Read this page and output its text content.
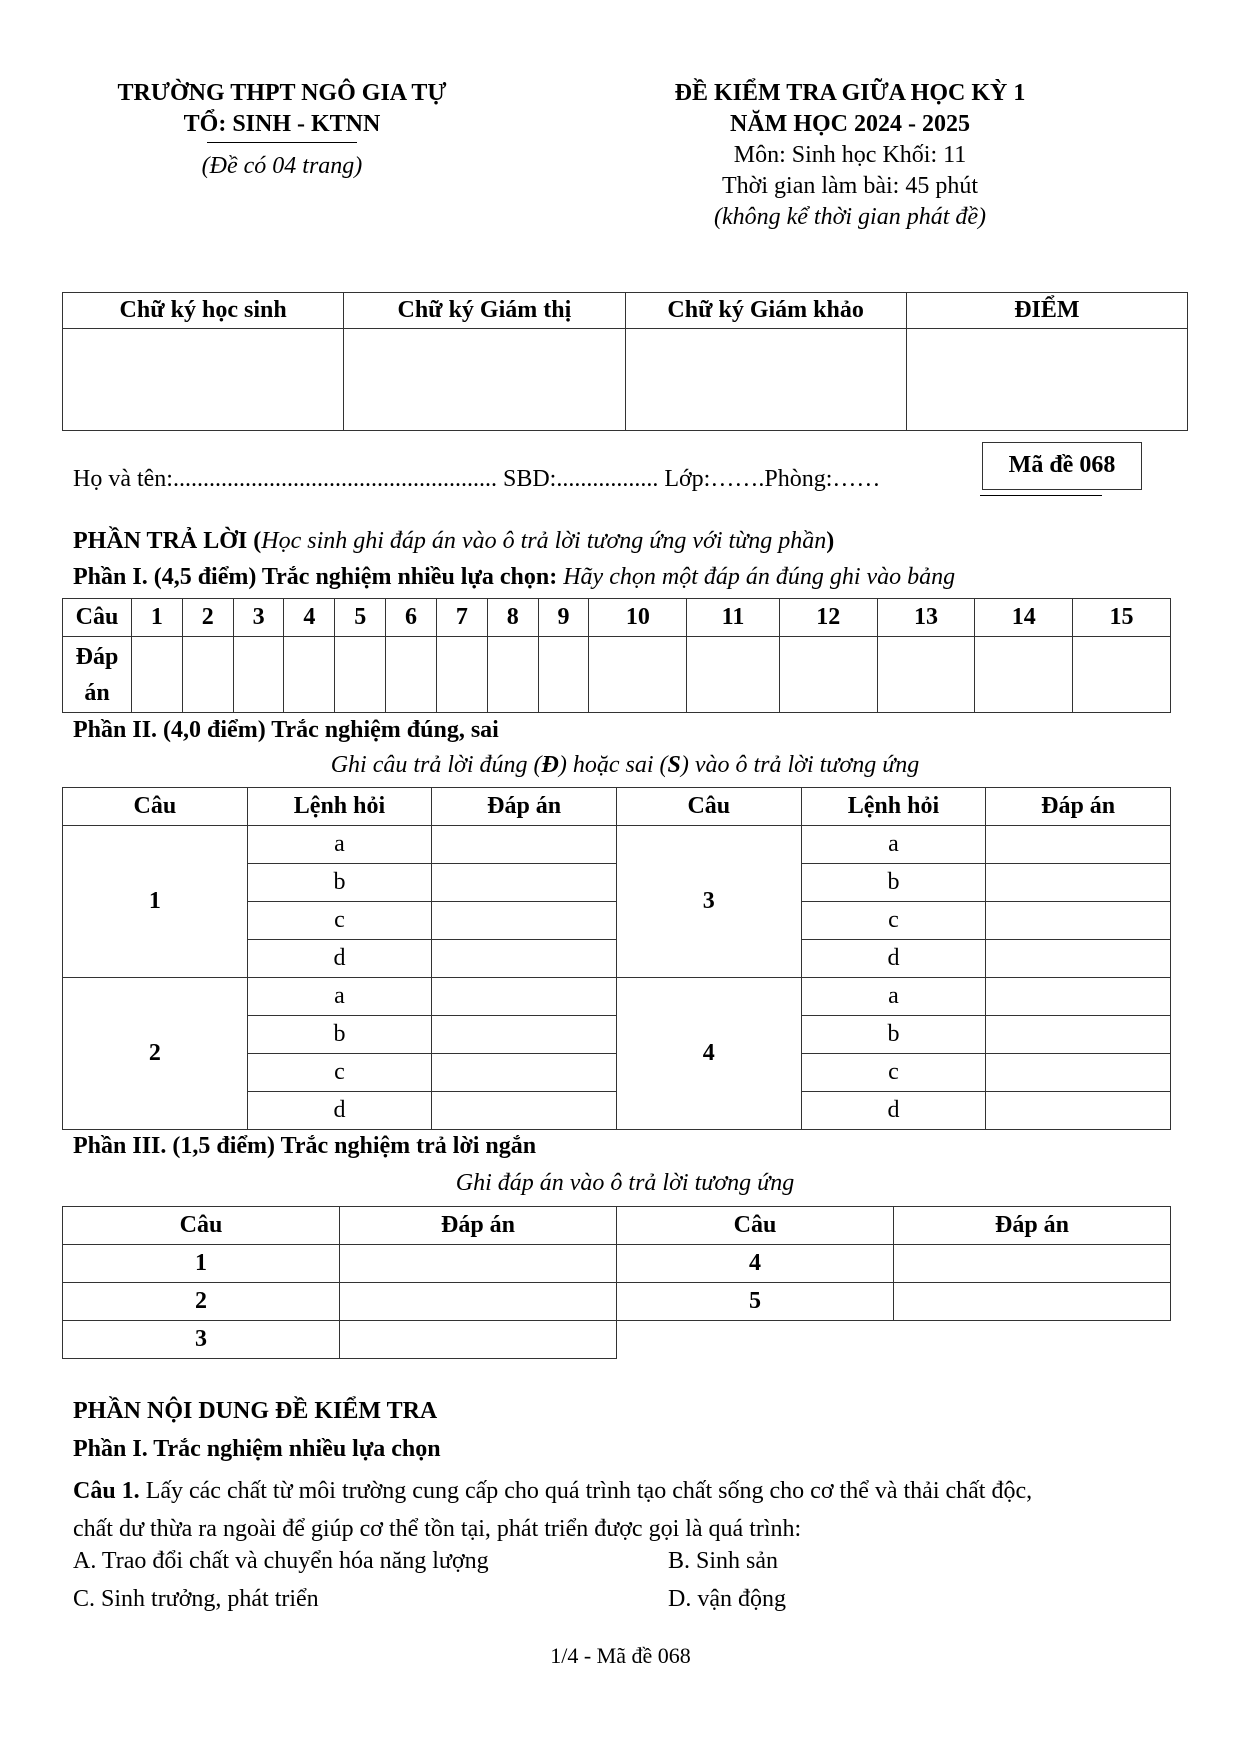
TRƯỜNG THPT NGÔ GIA TỰ
TỔ: SINH - KTNN
(Đề có 04 trang)
ĐỀ KIỂM TRA GIỮA HỌC KỲ 1
NĂM HỌC 2024 - 2025
Môn: Sinh học Khối: 11
Thời gian làm bài: 45 phút
(không kể thời gian phát đề)
Chữ ký học sinh	Chữ ký Giám thị	Chữ ký Giám khảo	ĐIỂM

Họ và tên:...................................................... SBD:................. Lớp:…….Phòng:……
Mã đề 068
PHẦN TRẢ LỜI (Học sinh ghi đáp án vào ô trả lời tương ứng với từng phần)
Phần I. (4,5 điểm) Trắc nghiệm nhiều lựa chọn: Hãy chọn một đáp án đúng ghi vào bảng
Câu	1	2	3	4	5	6	7	8	9	10	11	12	13	14	15

Đáp
án															

Phần II. (4,0 điểm) Trắc nghiệm đúng, sai
Ghi câu trả lời đúng (Đ) hoặc sai (S) vào ô trả lời tương ứng
Câu	Lệnh hỏi	Đáp án	Câu	Lệnh hỏi	Đáp án
1	a		3	a	
	b			b	
	c			c	
	d			d	
2	a		4	a	
	b			b	
	c			c	
	d			d	
Phần III. (1,5 điểm) Trắc nghiệm trả lời ngắn
Ghi đáp án vào ô trả lời tương ứng
Câu	Đáp án	Câu	Đáp án
1		4	
2		5	
3			
PHẦN NỘI DUNG ĐỀ KIỂM TRA
Phần I. Trắc nghiệm nhiều lựa chọn
Câu 1. Lấy các chất từ môi trường cung cấp cho quá trình tạo chất sống cho cơ thể và thải chất độc,
chất dư thừa ra ngoài để giúp cơ thể tồn tại, phát triển được gọi là quá trình:
A. Trao đổi chất và chuyển hóa năng lượng	B. Sinh sản
C. Sinh trưởng, phát triển	D. vận động
1/4 - Mã đề 068
